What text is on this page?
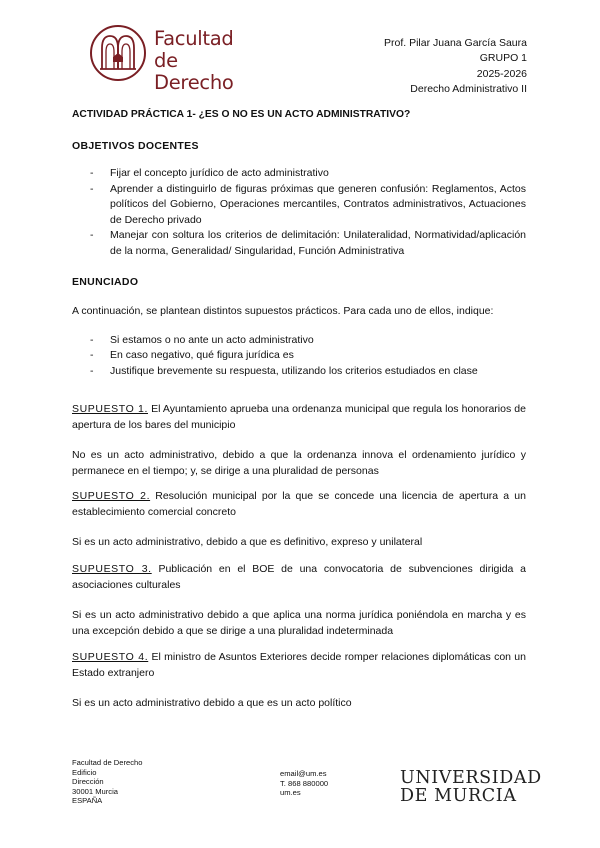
Facultad
de Derecho
Prof. Pilar Juana García Saura
GRUPO 1
2025-2026
Derecho Administrativo II
ACTIVIDAD PRÁCTICA 1- ¿ES O NO ES UN ACTO ADMINISTRATIVO?
OBJETIVOS DOCENTES
- Fijar el concepto jurídico de acto administrativo
- Aprender a distinguirlo de figuras próximas que generen confusión: Reglamentos, Actos políticos del Gobierno, Operaciones mercantiles, Contratos administrativos, Actuaciones de Derecho privado
- Manejar con soltura los criterios de delimitación: Unilateralidad, Normatividad/aplicación de la norma, Generalidad/ Singularidad, Función Administrativa
ENUNCIADO

A continuación, se plantean distintos supuestos prácticos. Para cada uno de ellos, indique:

- Si estamos o no ante un acto administrativo
- En caso negativo, qué figura jurídica es
- Justifique brevemente su respuesta, utilizando los criterios estudiados en clase

SUPUESTO 1. El Ayuntamiento aprueba una ordenanza municipal que regula los honorarios de apertura de los bares del municipio

No es un acto administrativo, debido a que la ordenanza innova el ordenamiento jurídico y permanece en el tiempo; y, se dirige a una pluralidad de personas

SUPUESTO 2. Resolución municipal por la que se concede una licencia de apertura a un establecimiento comercial concreto

Si es un acto administrativo, debido a que es definitivo, expreso y unilateral

SUPUESTO 3. Publicación en el BOE de una convocatoria de subvenciones dirigida a asociaciones culturales

Si es un acto administrativo debido a que aplica una norma jurídica poniéndola en marcha y es una excepción debido a que se dirige a una pluralidad indeterminada

SUPUESTO 4. El ministro de Asuntos Exteriores decide romper relaciones diplomáticas con un Estado extranjero

Si es un acto administrativo debido a que es un acto político

Facultad de Derecho
Edificio
Dirección
30001 Murcia
ESPAÑA
email@um.es
T. 868 880000
um.es
UNIVERSIDAD
DE MURCIA
